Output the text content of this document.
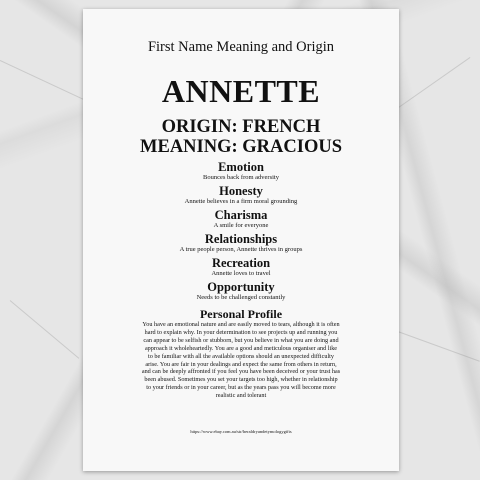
First Name Meaning and Origin
ANNETTE
ORIGIN: FRENCH
MEANING: GRACIOUS
Emotion

Bounces back from adversity

Honesty

Annette believes in a firm moral grounding

Charisma

A smile for everyone

Relationships

A true people person, Annette thrives in groups

Recreation

Annette loves to travel

Opportunity

Needs to be challenged constantly

Personal Profile
You have an emotional nature and are easily moved to tears, although it is often
hard to explain why. In your determination to see projects up and running you
can appear to be selfish or stubborn, but you believe in what you are doing and
approach it wholeheartedly. You are a good and meticulous organiser and like
to be familiar with all the available options should an unexpected difficulty
arise. You are fair in your dealings and expect the same from others in return,
and can be deeply affronted if you feel you have been deceived or your trust has
been abused. Sometimes you set your targets too high, whether in relationship
to your friends or in your career, but as the years pass you will become more
realistic and tolerant
https://www.ebay.com.au/str/heraldryandetymologygifts
